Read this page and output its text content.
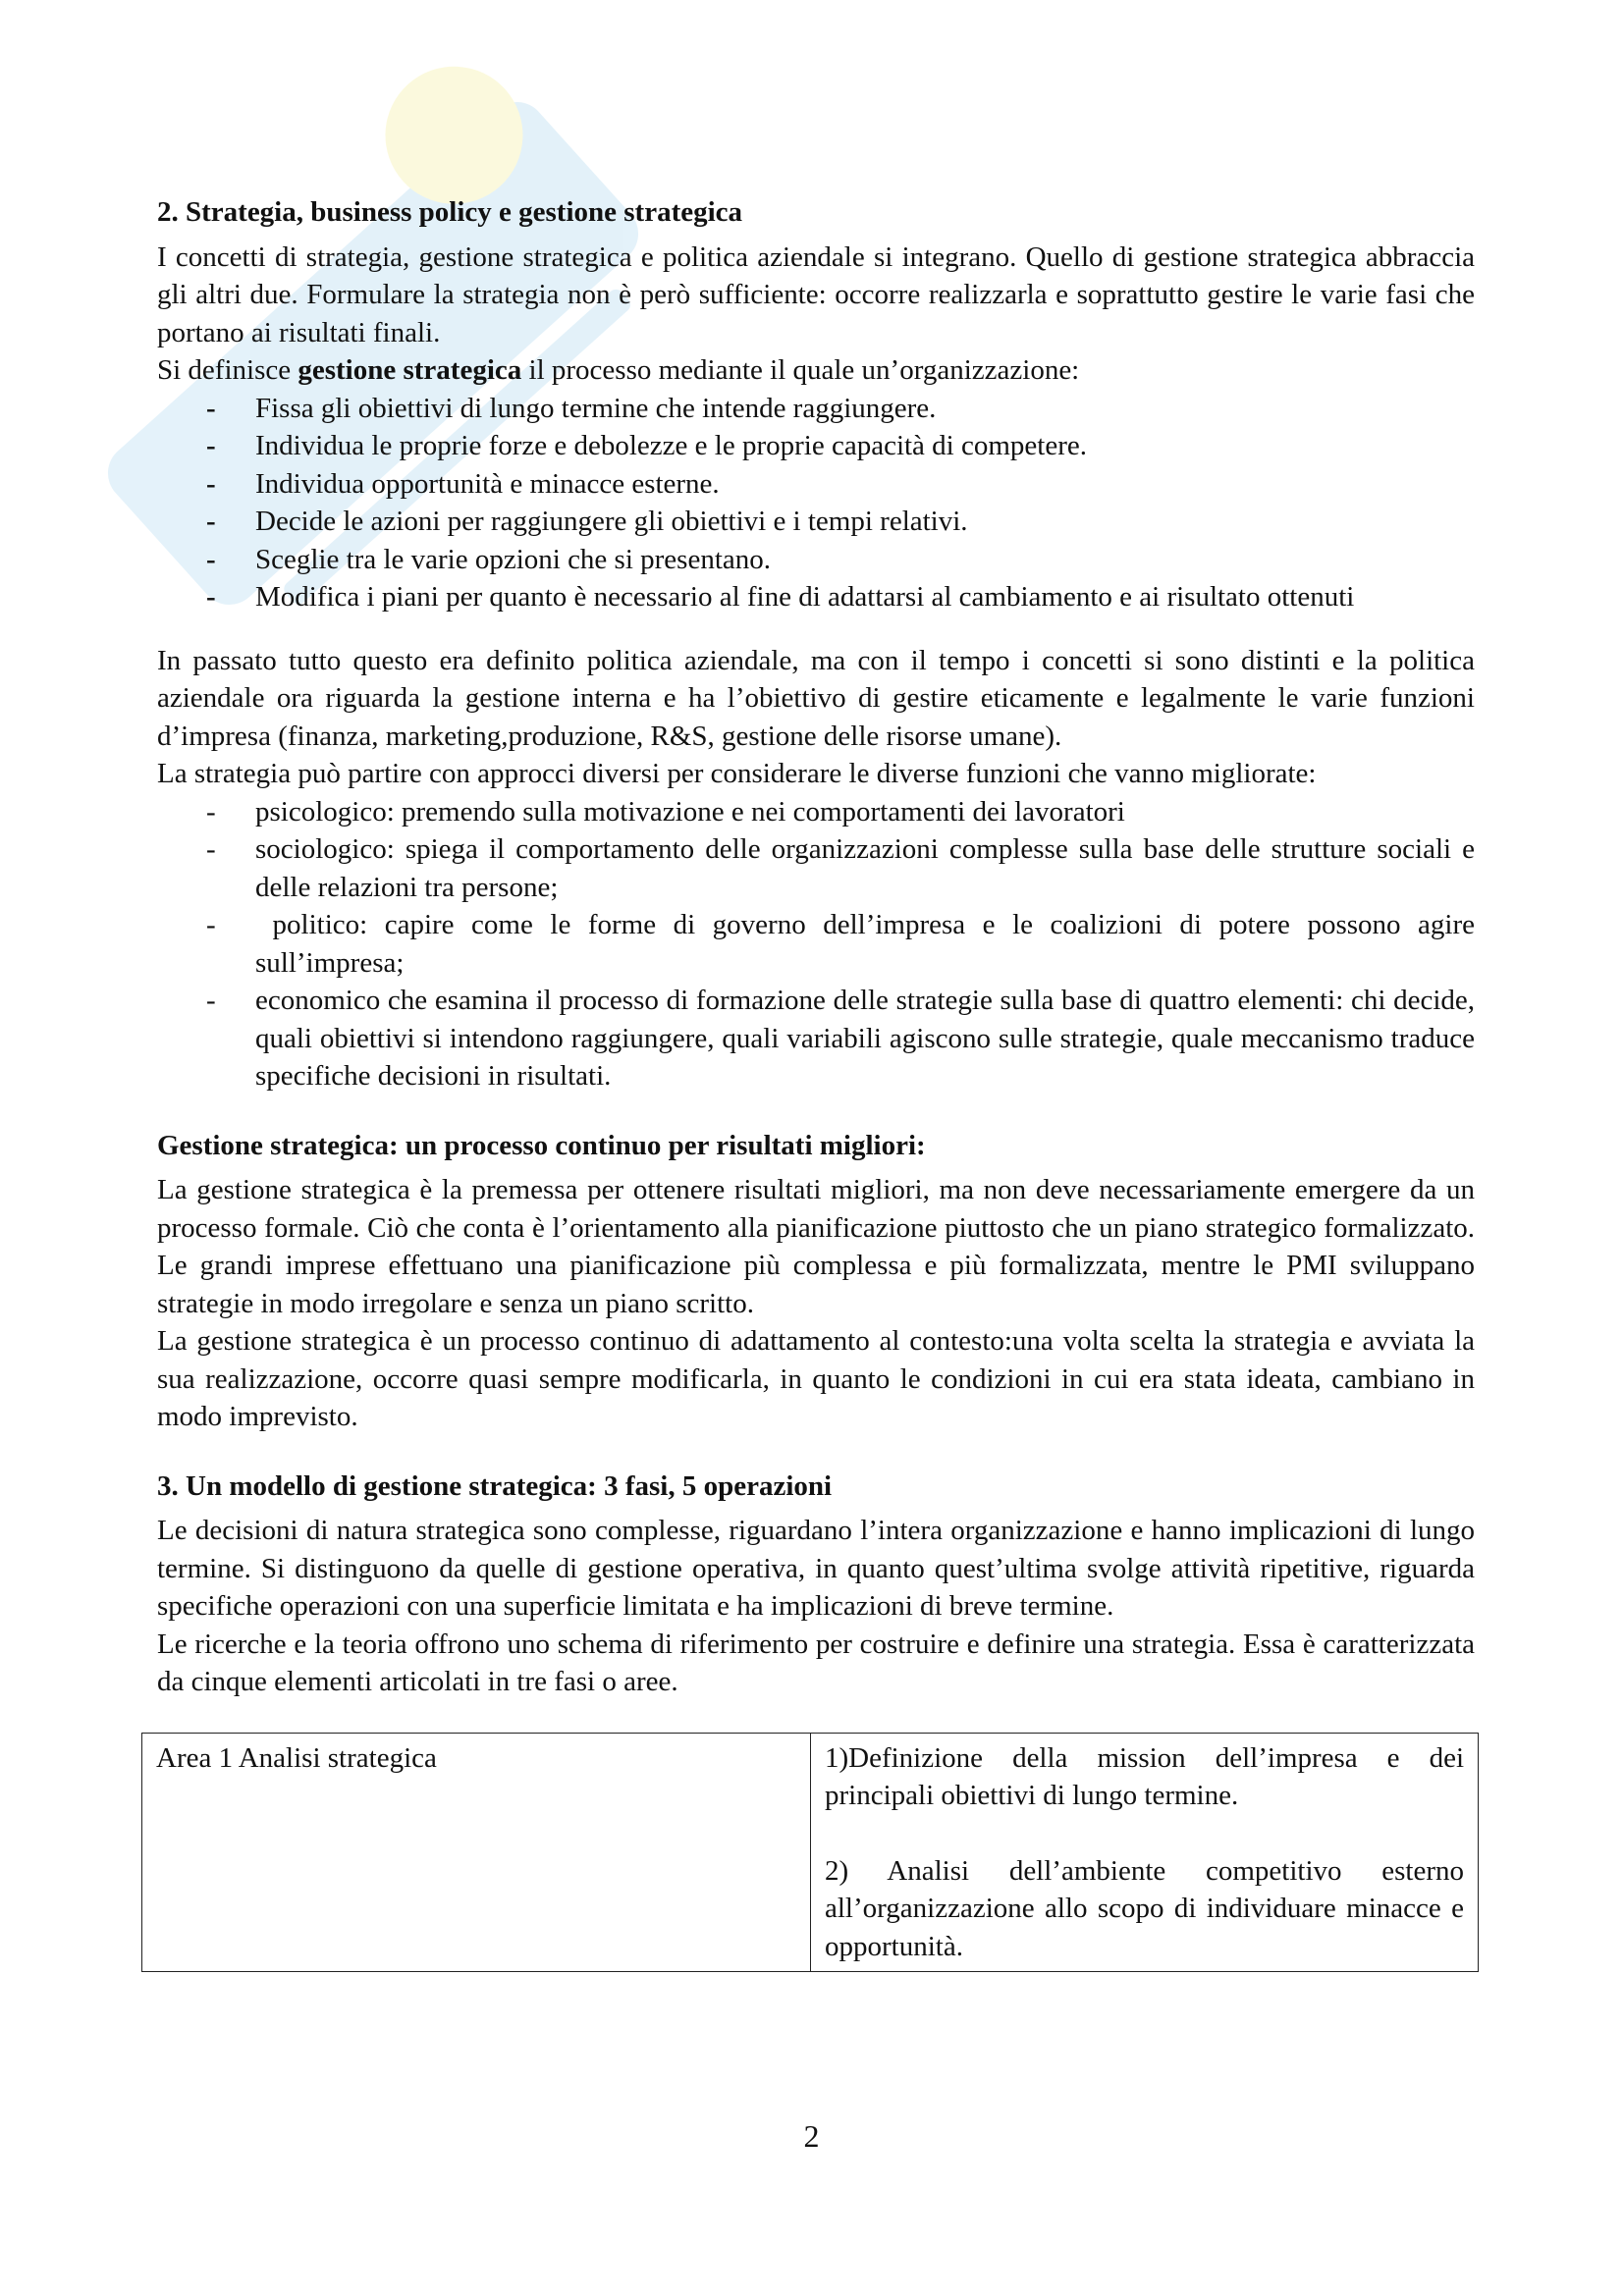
2. Strategia, business policy e gestione strategica

I concetti di strategia, gestione strategica e politica aziendale si integrano. Quello di gestione strategica abbraccia gli altri due. Formulare la strategia non è però sufficiente: occorre realizzarla e soprattutto gestire le varie fasi che portano ai risultati finali.

Si definisce gestione strategica il processo mediante il quale un’organizzazione:

- Fissa gli obiettivi di lungo termine che intende raggiungere.
- Individua le proprie forze e debolezze e le proprie capacità di competere.
- Individua opportunità e minacce esterne.
- Decide le azioni per raggiungere gli obiettivi e i tempi relativi.
- Sceglie tra le varie opzioni che si presentano.
- Modifica i piani per quanto è necessario al fine di adattarsi al cambiamento e ai risultato ottenuti

In passato tutto questo era definito politica aziendale, ma con il tempo i concetti si sono distinti e la politica aziendale ora riguarda la gestione interna e ha l’obiettivo di gestire eticamente e legalmente le varie funzioni d’impresa (finanza, marketing,produzione, R&S, gestione delle risorse umane).

La strategia può partire con approcci diversi per considerare le diverse funzioni che vanno migliorate:

- psicologico: premendo sulla motivazione e nei comportamenti dei lavoratori
- sociologico: spiega il comportamento delle organizzazioni complesse sulla base delle strutture sociali e delle relazioni tra persone;
- politico: capire come le forme di governo dell’impresa e le coalizioni di potere possono agire sull’impresa;
- economico che esamina il processo di formazione delle strategie sulla base di quattro elementi: chi decide, quali obiettivi si intendono raggiungere, quali variabili agiscono sulle strategie, quale meccanismo traduce specifiche decisioni in risultati.
Gestione strategica: un processo continuo per risultati migliori:

La gestione strategica è la premessa per ottenere risultati migliori, ma non deve necessariamente emergere da un processo formale. Ciò che conta è l’orientamento alla pianificazione piuttosto che un piano strategico formalizzato. Le grandi imprese effettuano una pianificazione più complessa e più formalizzata, mentre le PMI sviluppano strategie in modo irregolare e senza un piano scritto.

La gestione strategica è un processo continuo di adattamento al contesto:una volta scelta la strategia e avviata la sua realizzazione, occorre quasi sempre modificarla, in quanto le condizioni in cui era stata ideata, cambiano in modo imprevisto.

3. Un modello di gestione strategica: 3 fasi, 5 operazioni

Le decisioni di natura strategica sono complesse, riguardano l’intera organizzazione e hanno implicazioni di lungo termine. Si distinguono da quelle di gestione operativa, in quanto quest’ultima svolge attività ripetitive, riguarda specifiche operazioni con una superficie limitata e ha implicazioni di breve termine.

Le ricerche e la teoria offrono uno schema di riferimento per costruire e definire una strategia. Essa è caratterizzata da cinque elementi articolati in tre fasi o aree.

Area 1 Analisi strategica	1)Definizione della mission dell’impresa e dei principali obiettivi di lungo termine.

2) Analisi dell’ambiente competitivo esterno all’organizzazione allo scopo di individuare minacce e opportunità.

2
